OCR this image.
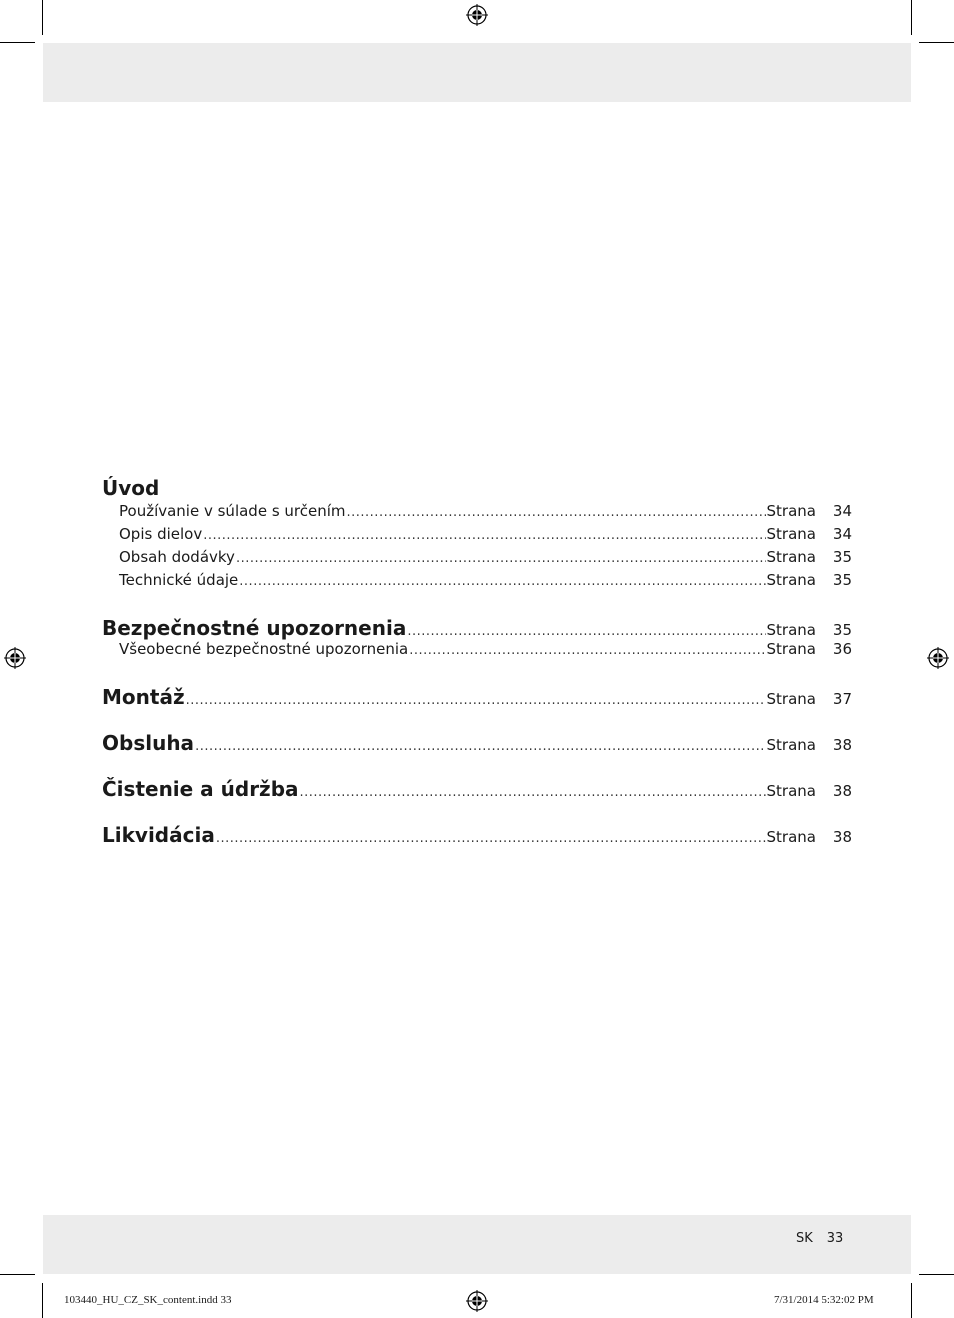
Úvod
Používanie v súlade s určením .....	Strana	34
Opis dielov .....	Strana	34
Obsah dodávky .....	Strana	35
Technické údaje .....	Strana	35
Bezpečnostné upozornenia .....	Strana	35
Všeobecné bezpečnostné upozornenia .....	Strana	36
Montáž .....	Strana	37
Obsluha .....	Strana	38
Čistenie a údržba .....	Strana	38
Likvidácia .....	Strana	38
SK 33
103440_HU_CZ_SK_content.indd 33	7/31/2014 5:32:02 PM
